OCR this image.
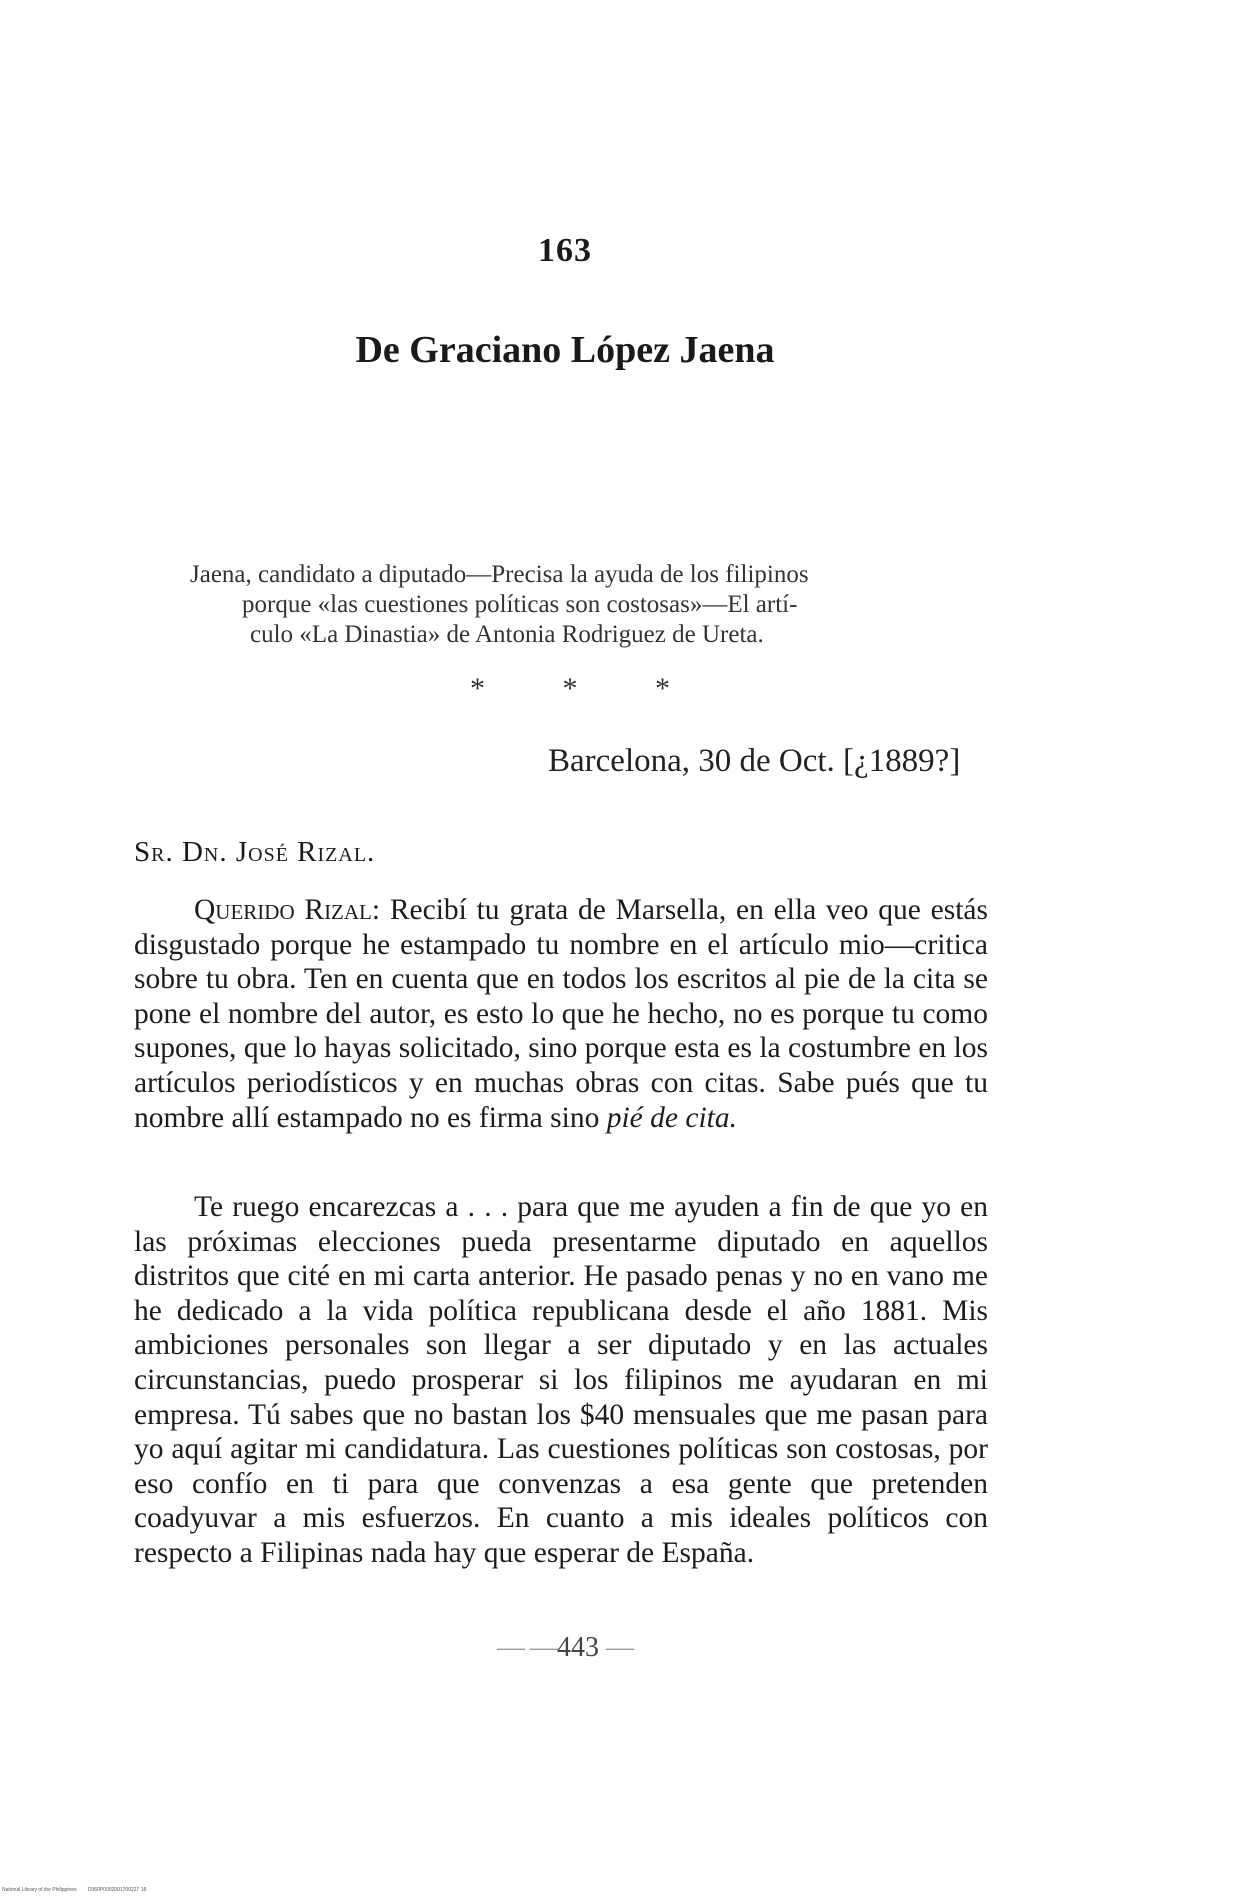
163
De Graciano López Jaena
Jaena, candidato a diputado—Precisa la ayuda de los filipinos
porque «las cuestiones políticas son costosas»—El artí-
culo «La Dinastia» de Antonia Rodriguez de Ureta.
*	*	*
Barcelona, 30 de Oct. [¿1889?]
Sr. Dn. José Rizal.
Querido Rizal: Recibí tu grata de Marsella, en ella veo que estás disgustado porque he estampado tu nombre en el artículo mio—critica sobre tu obra. Ten en cuenta que en todos los escritos al pie de la cita se pone el nombre del autor, es esto lo que he hecho, no es porque tu como supones, que lo hayas solicitado, sino porque esta es la costumbre en los artículos periodísticos y en muchas obras con citas. Sabe pués que tu nombre allí estampado no es firma sino pié de cita.
Te ruego encarezcas a . . . para que me ayuden a fin de que yo en las próximas elecciones pueda presentarme diputado en aquellos distritos que cité en mi carta anterior. He pasado penas y no en vano me he dedicado a la vida política republicana desde el año 1881. Mis ambiciones personales son llegar a ser diputado y en las actuales circunstancias, puedo prosperar si los filipinos me ayudaran en mi empresa. Tú sabes que no bastan los $40 mensuales que me pasan para yo aquí agitar mi candidatura. Las cuestiones políticas son costosas, por eso confío en ti para que convenzas a esa gente que pretenden coadyuvar a mis esfuerzos. En cuanto a mis ideales políticos con respecto a Filipinas nada hay que esperar de España.
— —443 —
National Library of the Philippines D360P0002001700227 18
